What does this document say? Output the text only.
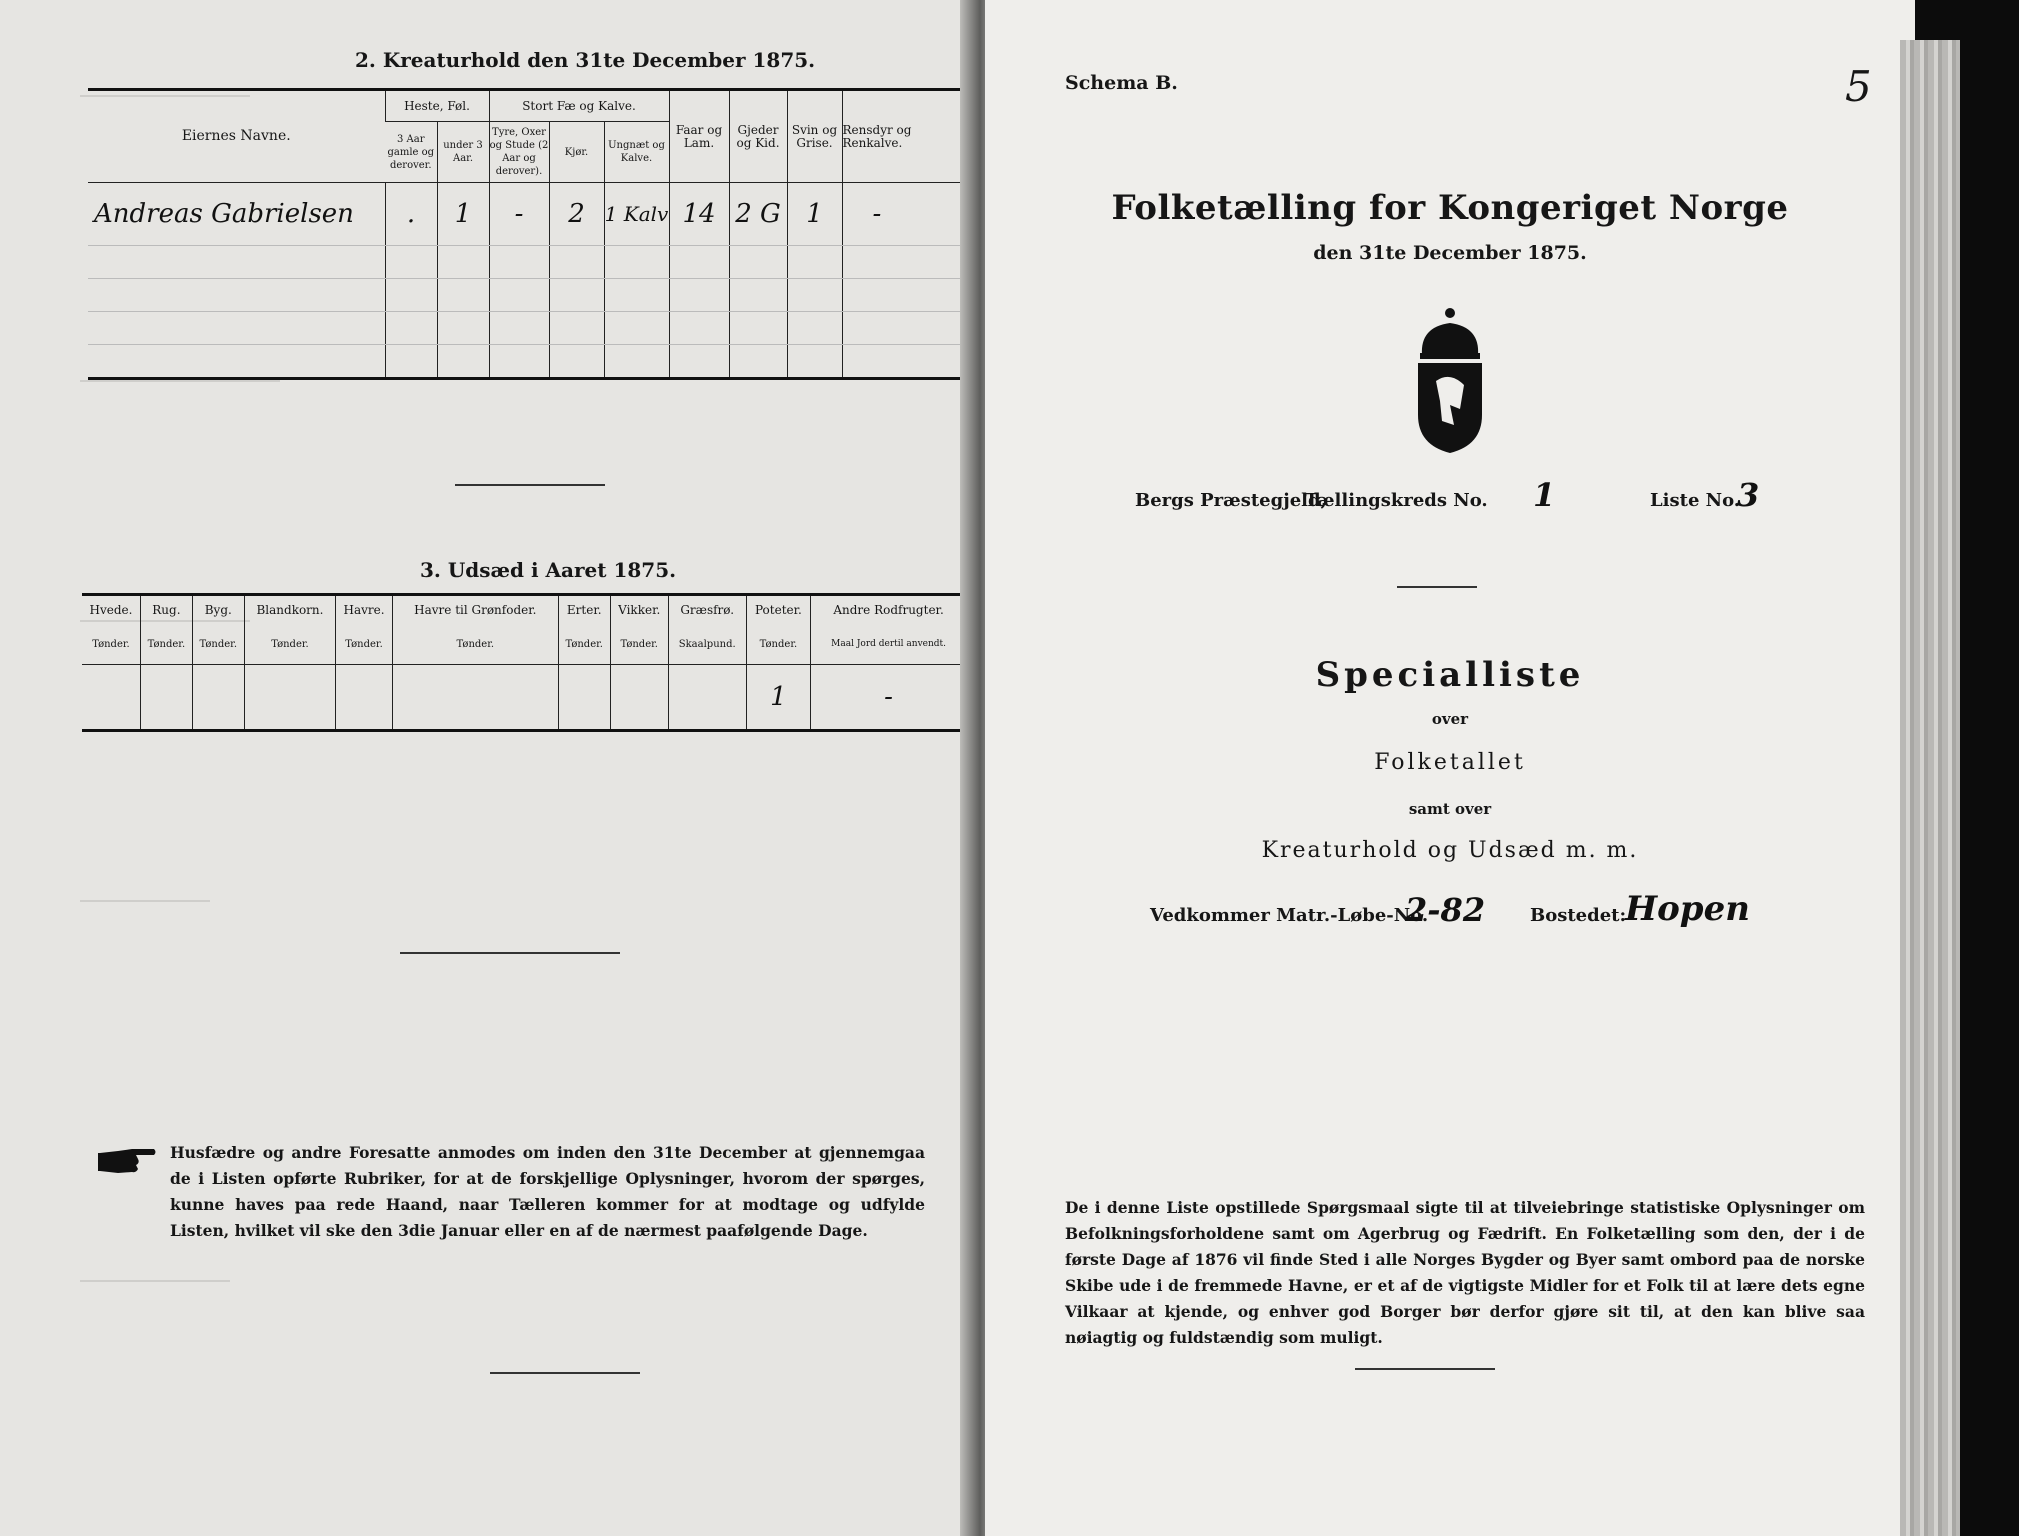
2. Kreaturhold den 31te December 1875.
Eiernes Navne.	Heste, Føl.		Stort Fæ og Kalve.			Faar og Lam.	Gjeder og Kid.	Svin og Grise.	Rensdyr og Renkalve.
	3 Aar gamle og derover.	under 3 Aar.	Tyre, Oxer og Stude (2 Aar og derover).	Kjør.	Ungnæt og Kalve.				
Andreas Gabrielsen	.	1	-	2	1 Kalv	14	2 G	1	-

3. Udsæd i Aaret 1875.
Hvede.	Rug.	Byg.	Blandkorn.	Havre.	Havre til Grønfoder.	Erter.	Vikker.	Græsfrø.	Poteter.	Andre Rodfrugter.
Tønder.	Tønder.	Tønder.	Tønder.	Tønder.	Tønder.	Tønder.	Tønder.	Skaalpund.	Tønder.	Maal Jord dertil anvendt.
									1	-
Husfædre og andre Foresatte anmodes om inden den 31te December at gjennemgaa de i Listen opførte Rubriker, for at de forskjellige Oplysninger, hvorom der spørges, kunne haves paa rede Haand, naar Tælleren kommer for at modtage og udfylde Listen, hvilket vil ske den 3die Januar eller en af de nærmest paafølgende Dage.
Schema B.	5
Folketælling for Kongeriget Norge
den 31te December 1875.
Bergs Præstegjeld,
Tællingskreds No. 1	Liste No.
3
Specialliste
over
Folketallet
samt over
Kreaturhold og Udsæd m. m.
Vedkommer Matr.-Løbe-No.
2-82 Bostedet:
Hopen
De i denne Liste opstillede Spørgsmaal sigte til at tilveiebringe statistiske Oplysninger om Befolkningsforholdene samt om Agerbrug og Fædrift. En Folketælling som den, der i de første Dage af 1876 vil finde Sted i alle Norges Bygder og Byer samt ombord paa de norske Skibe ude i de fremmede Havne, er et af de vigtigste Midler for et Folk til at lære dets egne Vilkaar at kjende, og enhver god Borger bør derfor gjøre sit til, at den kan blive saa nøiagtig og fuldstændig som muligt.
